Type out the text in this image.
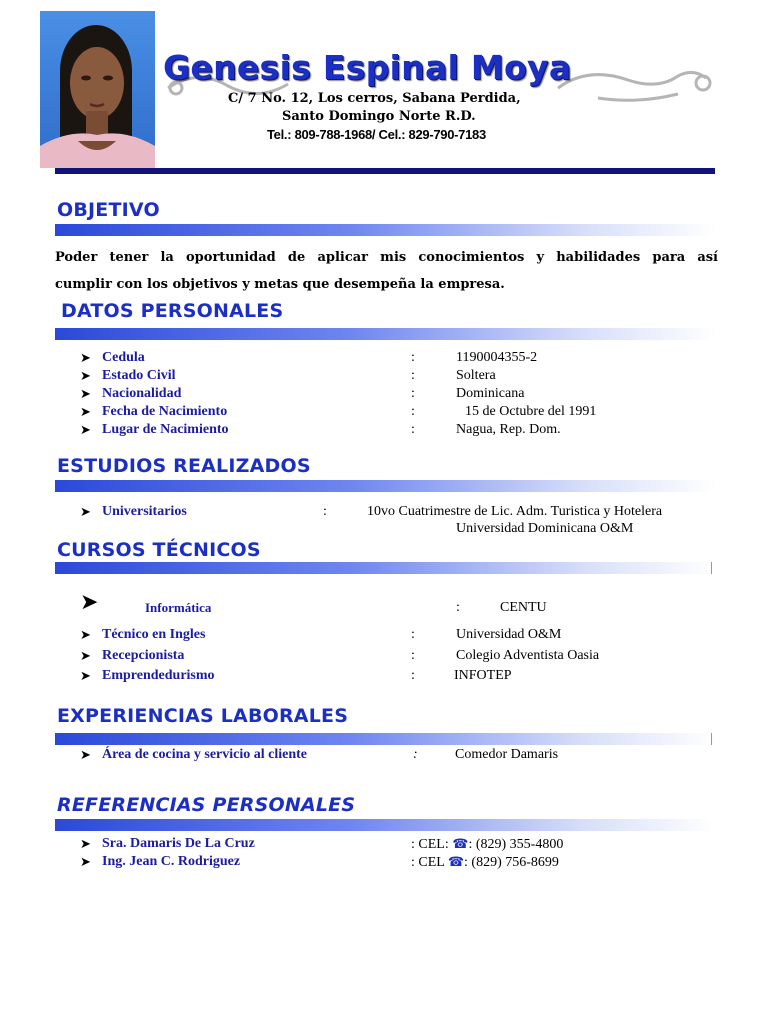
Genesis Espinal Moya
C/ 7 No. 12, Los cerros, Sabana Perdida,
Santo Domingo Norte R.D.
Tel.: 809-788-1968/ Cel.: 829-790-7183
OBJETIVO
Poder tener la oportunidad de aplicar mis conocimientos y habilidades para así
cumplir con los objetivos y metas que desempeña la empresa.
DATOS PERSONALES
➤ Cedula	:	1190004355-2
➤ Estado Civil	:	Soltera
➤ Nacionalidad	:	Dominicana
➤ Fecha de Nacimiento	:	15 de Octubre del 1991
➤ Lugar de Nacimiento	:	Nagua, Rep. Dom.
ESTUDIOS REALIZADOS
➤ Universitarios	:	10vo Cuatrimestre de Lic. Adm. Turistica y Hotelera
Universidad Dominicana O&M
CURSOS TÉCNICOS
➤	Informática	:	CENTU
➤ Técnico en Ingles	:	Universidad O&M
➤ Recepcionista	:	Colegio Adventista Oasia
➤ Emprendedurismo	:	INFOTEP
EXPERIENCIAS LABORALES
➤ Área de cocina y servicio al cliente	:	Comedor Damaris
REFERENCIAS PERSONALES
➤ Sra. Damaris De La Cruz	: CEL: ☎: (829) 355-4800
➤ Ing. Jean C. Rodriguez	: CEL ☎: (829) 756-8699
